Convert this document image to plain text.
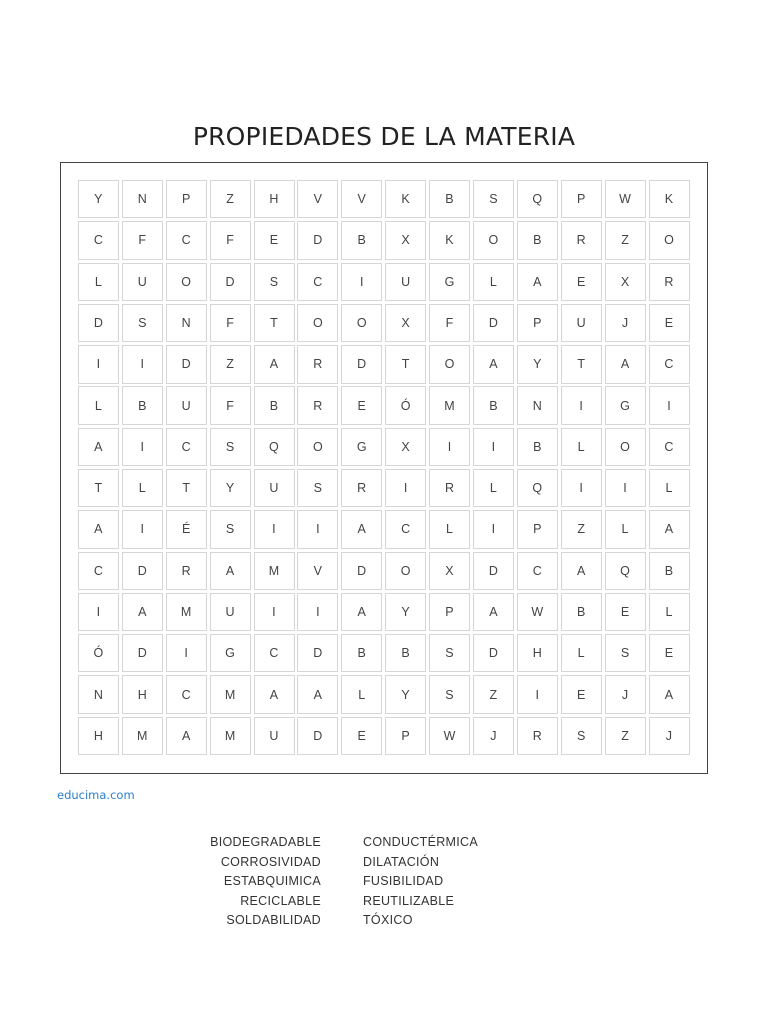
PROPIEDADES DE LA MATERIA
Y	N	P	Z	H	V	V	K	B	S	Q	P	W	K
C	F	C	F	E	D	B	X	K	O	B	R	Z	O
L	U	O	D	S	C	I	U	G	L	A	E	X	R
D	S	N	F	T	O	O	X	F	D	P	U	J	E
I	I	D	Z	A	R	D	T	O	A	Y	T	A	C
L	B	U	F	B	R	E	Ó	M	B	N	I	G	I
A	I	C	S	Q	O	G	X	I	I	B	L	O	C
T	L	T	Y	U	S	R	I	R	L	Q	I	I	L
A	I	É	S	I	I	A	C	L	I	P	Z	L	A
C	D	R	A	M	V	D	O	X	D	C	A	Q	B
I	A	M	U	I	I	A	Y	P	A	W	B	E	L
Ó	D	I	G	C	D	B	B	S	D	H	L	S	E
N	H	C	M	A	A	L	Y	S	Z	I	E	J	A
H	M	A	M	U	D	E	P	W	J	R	S	Z	J
educima.com
BIODEGRADABLE
CORROSIVIDAD
ESTABQUIMICA
RECICLABLE
SOLDABILIDAD
CONDUCTÉRMICA
DILATACIÓN
FUSIBILIDAD
REUTILIZABLE
TÓXICO
